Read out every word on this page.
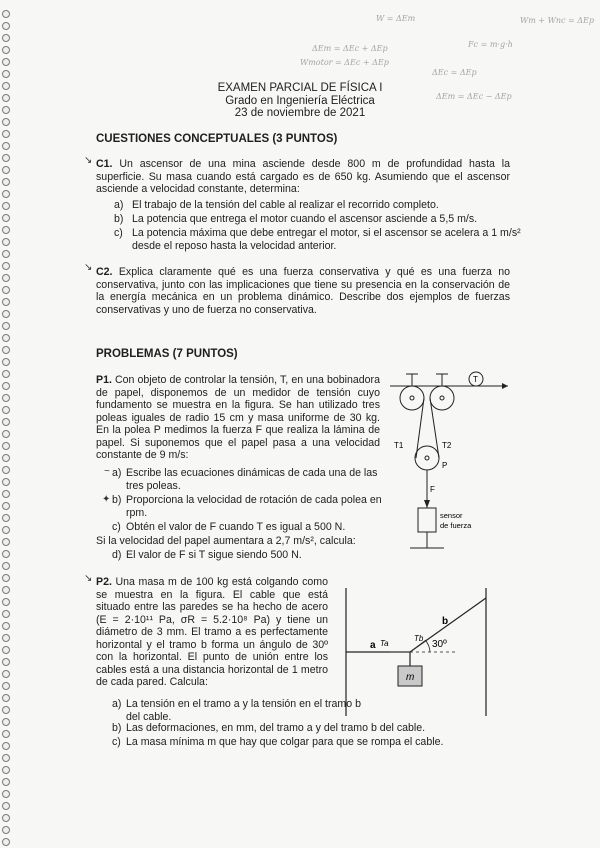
W = ΔEm
ΔEm = ΔEc + ΔEp
Wmotor = ΔEc + ΔEp
Fc = m·g·h
ΔEc = ΔEp
ΔEm = ΔEc − ΔEp
Wm + Wnc = ΔEp
EXAMEN PARCIAL DE FÍSICA I
Grado en Ingeniería Eléctrica
23 de noviembre de 2021
CUESTIONES CONCEPTUALES (3 PUNTOS)
↘ C1. Un ascensor de una mina asciende desde 800 m de profundidad hasta la superficie. Su masa cuando está cargado es de 650 kg. Asumiendo que el ascensor asciende a velocidad constante, determina:

a) El trabajo de la tensión del cable al realizar el recorrido completo.
b) La potencia que entrega el motor cuando el ascensor asciende a 5,5 m/s.
c) La potencia máxima que debe entregar el motor, si el ascensor se acelera a 1 m/s² desde el reposo hasta la velocidad anterior.
↘ C2. Explica claramente qué es una fuerza conservativa y qué es una fuerza no conservativa, junto con las implicaciones que tiene su presencia en la conservación de la energía mecánica en un problema dinámico. Describe dos ejemplos de fuerzas conservativas y uno de fuerza no conservativa.

PROBLEMAS (7 PUNTOS)

P1. Con objeto de controlar la tensión, T, en una bobinadora de papel, disponemos de un medidor de tensión cuyo fundamento se muestra en la figura. Se han utilizado tres poleas iguales de radio 15 cm y masa uniforme de 30 kg. En la polea P medimos la fuerza F que realiza la lámina de papel. Si suponemos que el papel pasa a una velocidad constante de 9 m/s:

~ a) Escribe las ecuaciones dinámicas de cada una de las tres poleas.
✦ b) Proporciona la velocidad de rotación de cada polea en rpm.
c) Obtén el valor de F cuando T es igual a 500 N.
Si la velocidad del papel aumentara a 2,7 m/s², calcula:
d) El valor de F si T sigue siendo 500 N.
T
T1	T2
P
F
sensor
de fuerza
↘ P2. Una masa m de 100 kg está colgando como se muestra en la figura. El cable que está situado entre las paredes se ha hecho de acero (E = 2·10¹¹ Pa, σR = 5.2·10⁸ Pa) y tiene un diámetro de 3 mm. El tramo a es perfectamente horizontal y el tramo b forma un ángulo de 30º con la horizontal. El punto de unión entre los cables está a una distancia horizontal de 1 metro de cada pared. Calcula:

a) La tensión en el tramo a y la tensión en el tramo b del cable.
b) Las deformaciones, en mm, del tramo a y del tramo b del cable.
c) La masa mínima m que hay que colgar para que se rompa el cable.
Ta
Tb
a
b
30º
m
